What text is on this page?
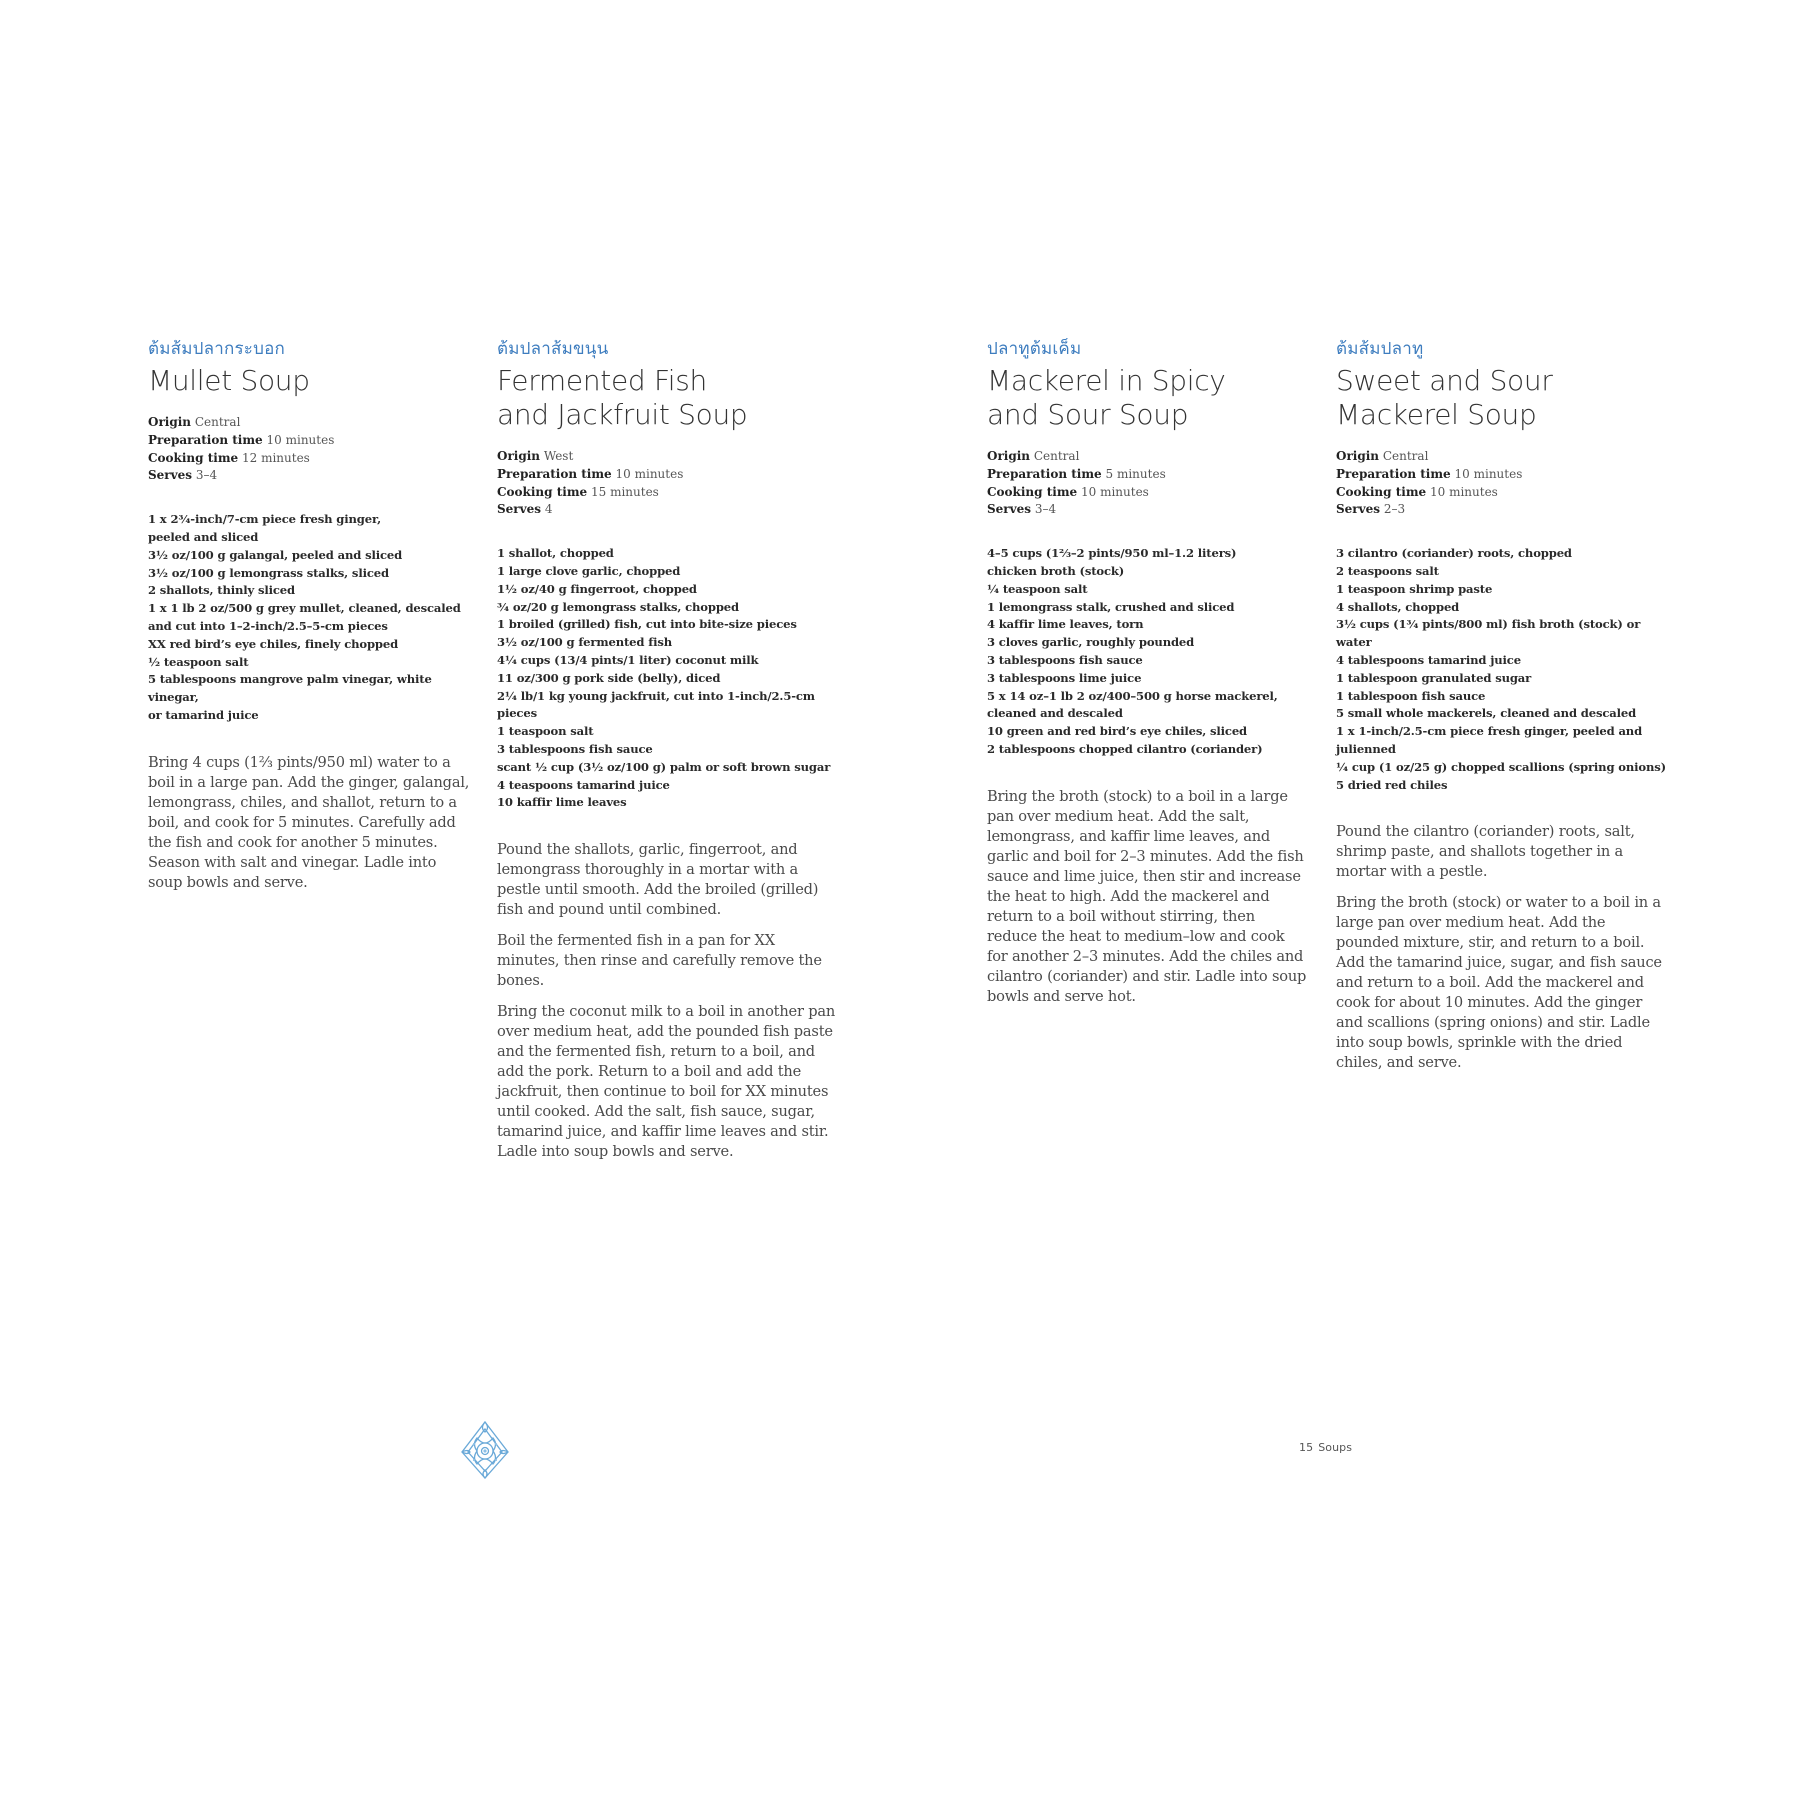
ต้มส้มปลากระบอก
Mullet Soup
Origin Central
Preparation time 10 minutes
Cooking time 12 minutes
Serves 3–4
1 x 2¾-inch/7-cm piece fresh ginger,
peeled and sliced
3½ oz/100 g galangal, peeled and sliced
3½ oz/100 g lemongrass stalks, sliced
2 shallots, thinly sliced
1 x 1 lb 2 oz/500 g grey mullet, cleaned, descaled
and cut into 1–2-inch/2.5–5-cm pieces
XX red bird’s eye chiles, finely chopped
½ teaspoon salt
5 tablespoons mangrove palm vinegar, white vinegar,
or tamarind juice

Bring 4 cups (1⅔ pints/950 ml) water to a boil in a large pan. Add the ginger, galangal, lemongrass, chiles, and shallot, return to a boil, and cook for 5 minutes. Carefully add the fish and cook for another 5 minutes. Season with salt and vinegar. Ladle into soup bowls and serve.

ต้มปลาส้มขนุน
Fermented Fish
and Jackfruit Soup
Origin West
Preparation time 10 minutes
Cooking time 15 minutes
Serves 4
1 shallot, chopped
1 large clove garlic, chopped
1½ oz/40 g fingerroot, chopped
¾ oz/20 g lemongrass stalks, chopped
1 broiled (grilled) fish, cut into bite-size pieces
3½ oz/100 g fermented fish
4¼ cups (13/4 pints/1 liter) coconut milk
11 oz/300 g pork side (belly), diced
2¼ lb/1 kg young jackfruit, cut into 1-inch/2.5-cm
pieces
1 teaspoon salt
3 tablespoons fish sauce
scant ½ cup (3½ oz/100 g) palm or soft brown sugar
4 teaspoons tamarind juice
10 kaffir lime leaves

Pound the shallots, garlic, fingerroot, and lemongrass thoroughly in a mortar with a pestle until smooth. Add the broiled (grilled) fish and pound until combined.

Boil the fermented fish in a pan for XX minutes, then rinse and carefully remove the bones.

Bring the coconut milk to a boil in another pan over medium heat, add the pounded fish paste and the fermented fish, return to a boil, and add the pork. Return to a boil and add the jackfruit, then continue to boil for XX minutes until cooked. Add the salt, fish sauce, sugar, tamarind juice, and kaffir lime leaves and stir. Ladle into soup bowls and serve.

ปลาทูต้มเค็ม
Mackerel in Spicy
and Sour Soup
Origin Central
Preparation time 5 minutes
Cooking time 10 minutes
Serves 3–4
4–5 cups (1⅔–2 pints/950 ml–1.2 liters)
chicken broth (stock)
¼ teaspoon salt
1 lemongrass stalk, crushed and sliced
4 kaffir lime leaves, torn
3 cloves garlic, roughly pounded
3 tablespoons fish sauce
3 tablespoons lime juice
5 x 14 oz–1 lb 2 oz/400–500 g horse mackerel,
cleaned and descaled
10 green and red bird’s eye chiles, sliced
2 tablespoons chopped cilantro (coriander)

Bring the broth (stock) to a boil in a large pan over medium heat. Add the salt, lemongrass, and kaffir lime leaves, and garlic and boil for 2–3 minutes. Add the fish sauce and lime juice, then stir and increase the heat to high. Add the mackerel and return to a boil without stirring, then reduce the heat to medium–low and cook for another 2–3 minutes. Add the chiles and cilantro (coriander) and stir. Ladle into soup bowls and serve hot.

ต้มส้มปลาทู
Sweet and Sour
Mackerel Soup
Origin Central
Preparation time 10 minutes
Cooking time 10 minutes
Serves 2–3
3 cilantro (coriander) roots, chopped
2 teaspoons salt
1 teaspoon shrimp paste
4 shallots, chopped
3½ cups (1¾ pints/800 ml) fish broth (stock) or water
4 tablespoons tamarind juice
1 tablespoon granulated sugar
1 tablespoon fish sauce
5 small whole mackerels, cleaned and descaled
1 x 1-inch/2.5-cm piece fresh ginger, peeled and
julienned
¼ cup (1 oz/25 g) chopped scallions (spring onions)
5 dried red chiles

Pound the cilantro (coriander) roots, salt, shrimp paste, and shallots together in a mortar with a pestle.

Bring the broth (stock) or water to a boil in a large pan over medium heat. Add the pounded mixture, stir, and return to a boil. Add the tamarind juice, sugar, and fish sauce and return to a boil. Add the mackerel and cook for about 10 minutes. Add the ginger and scallions (spring onions) and stir. Ladle into soup bowls, sprinkle with the dried chiles, and serve.

15 Soups
